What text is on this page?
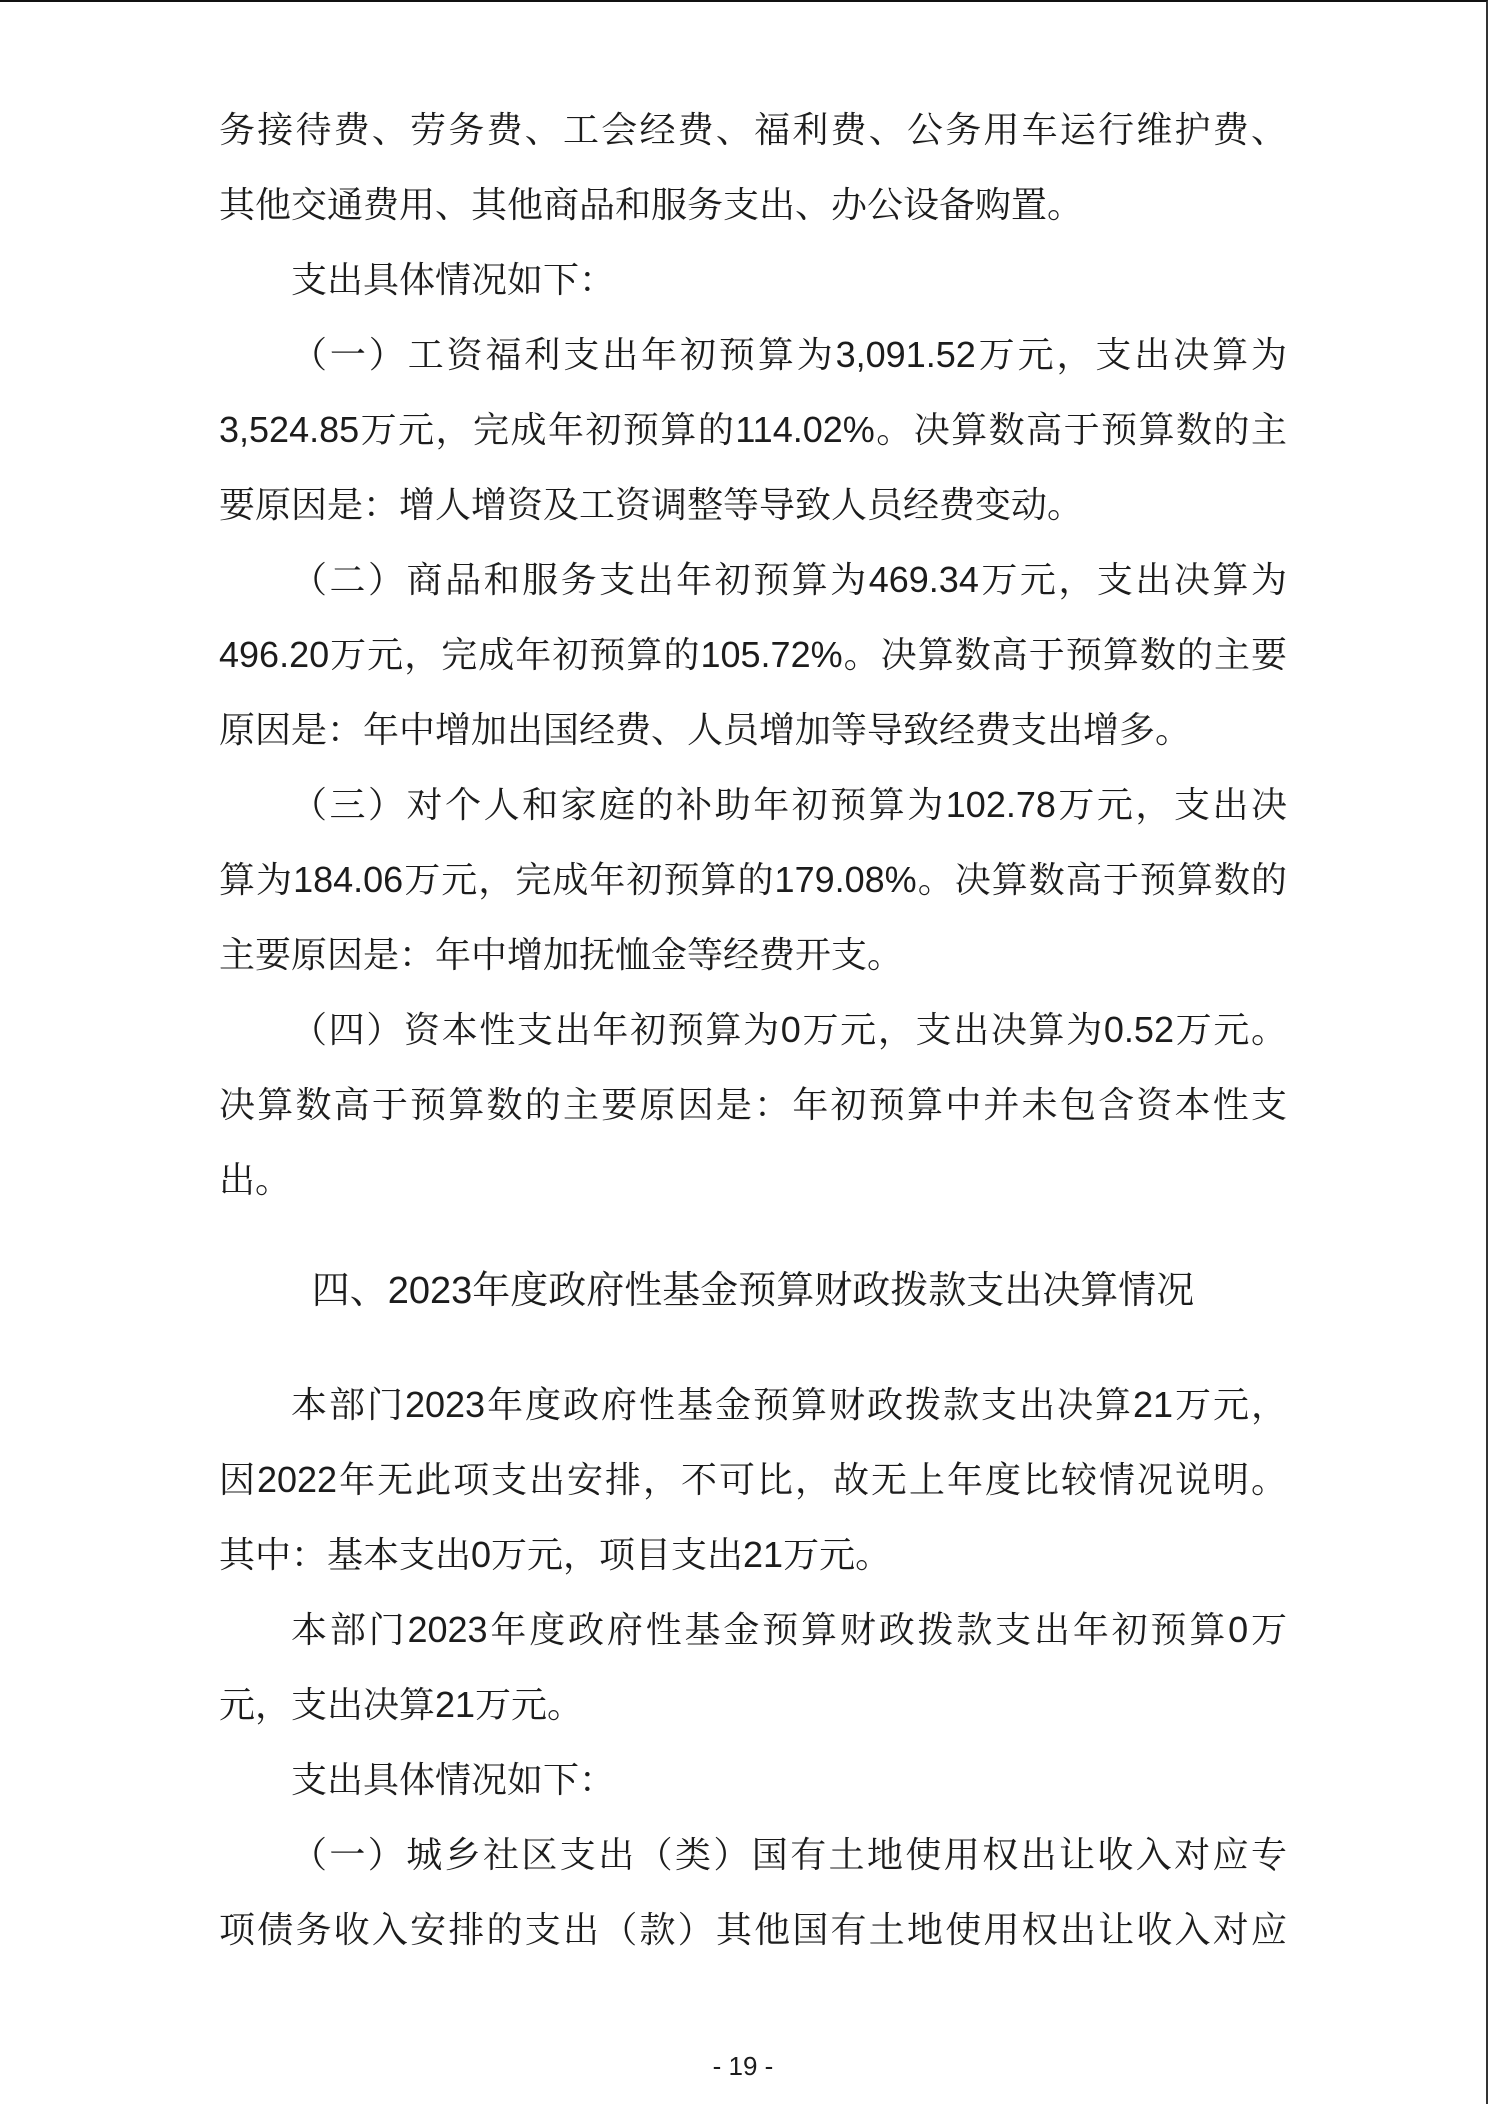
务接待费、劳务费、工会经费、福利费、公务用车运行维护费、
其他交通费用、其他商品和服务支出、办公设备购置。
支出具体情况如下：
（一）工资福利支出年初预算为3,091.52万元，支出决算为
3,524.85万元，完成年初预算的114.02%。决算数高于预算数的主
要原因是：增人增资及工资调整等导致人员经费变动。
（二）商品和服务支出年初预算为469.34万元，支出决算为
496.20万元，完成年初预算的105.72%。决算数高于预算数的主要
原因是：年中增加出国经费、人员增加等导致经费支出增多。
（三）对个人和家庭的补助年初预算为102.78万元，支出决
算为184.06万元，完成年初预算的179.08%。决算数高于预算数的
主要原因是：年中增加抚恤金等经费开支。
（四）资本性支出年初预算为0万元，支出决算为0.52万元。
决算数高于预算数的主要原因是：年初预算中并未包含资本性支
出。
四、2023年度政府性基金预算财政拨款支出决算情况
本部门2023年度政府性基金预算财政拨款支出决算21万元，
因2022年无此项支出安排，不可比，故无上年度比较情况说明。
其中：基本支出0万元，项目支出21万元。
本部门2023年度政府性基金预算财政拨款支出年初预算0万
元，支出决算21万元。
支出具体情况如下：
（一）城乡社区支出（类）国有土地使用权出让收入对应专
项债务收入安排的支出（款）其他国有土地使用权出让收入对应
- 19 -
